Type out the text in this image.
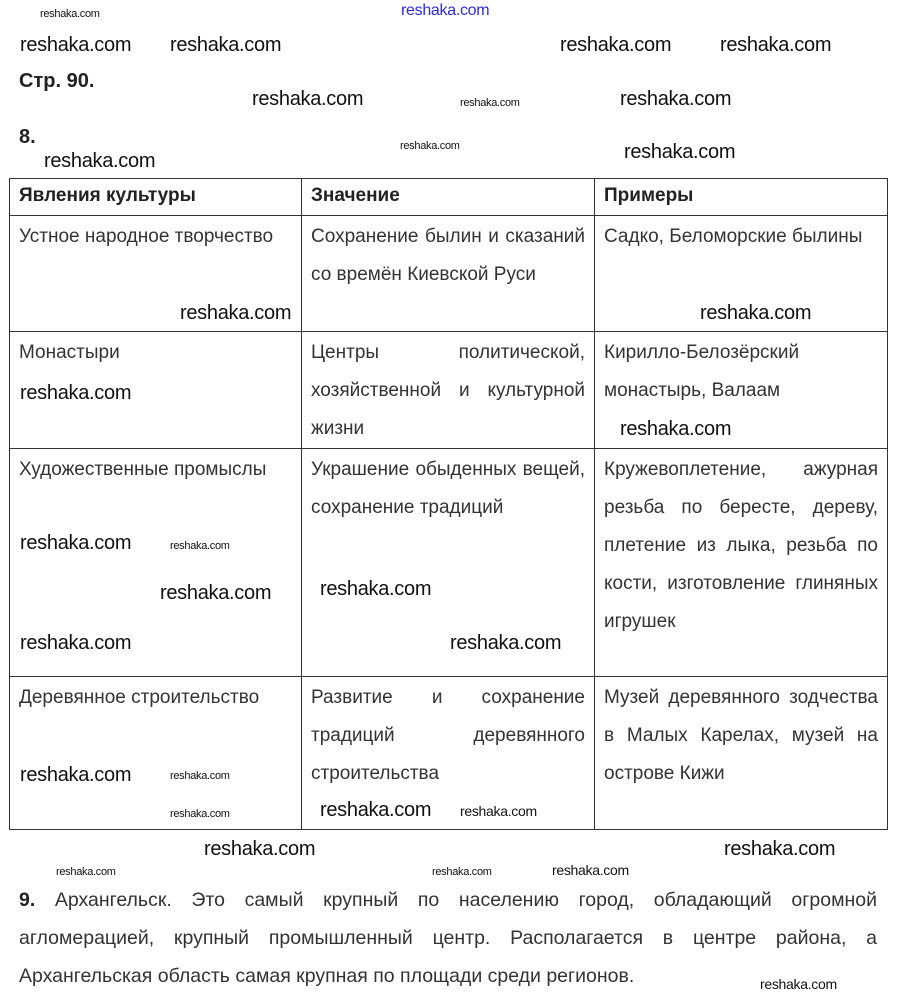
Стр. 90.
8.
Явления культуры	Значение	Примеры
Устное народное творчество	Сохранение былин и сказаний со времён Киевской Руси	Садко, Беломорские былины
Монастыри	Центры политической, хозяйственной и культурной жизни	Кирилло-Белозёрский монастырь, Валаам
Художественные промыслы	Украшение обыденных вещей, сохранение традиций	Кружевоплетение, ажурная резьба по бересте, дереву, плетение из лыка, резьба по кости, изготовление глиняных игрушек
Деревянное строительство	Развитие и сохранение традиций деревянного строительства	Музей деревянного зодчества в Малых Карелах, музей на острове Кижи
9. Архангельск. Это самый крупный по населению город, обладающий огромной агломерацией, крупный промышленный центр. Располагается в центре района, а Архангельская область самая крупная по площади среди регионов.
reshaka.com
reshaka.com
reshaka.com	reshaka.com
reshaka.com reshaka.com	reshaka.com reshaka.com
reshaka.com
reshaka.com	reshaka.com
reshaka.com
reshaka.com
reshaka.com
reshaka.com
reshaka.com
reshaka.com
reshaka.com
reshaka.com
reshaka.com
reshaka.com	reshaka.com
reshaka.com
reshaka.com
reshaka.com
reshaka.com
reshaka.com	reshaka.com
reshaka.com
reshaka.com
reshaka.com
reshaka.com
reshaka.com
